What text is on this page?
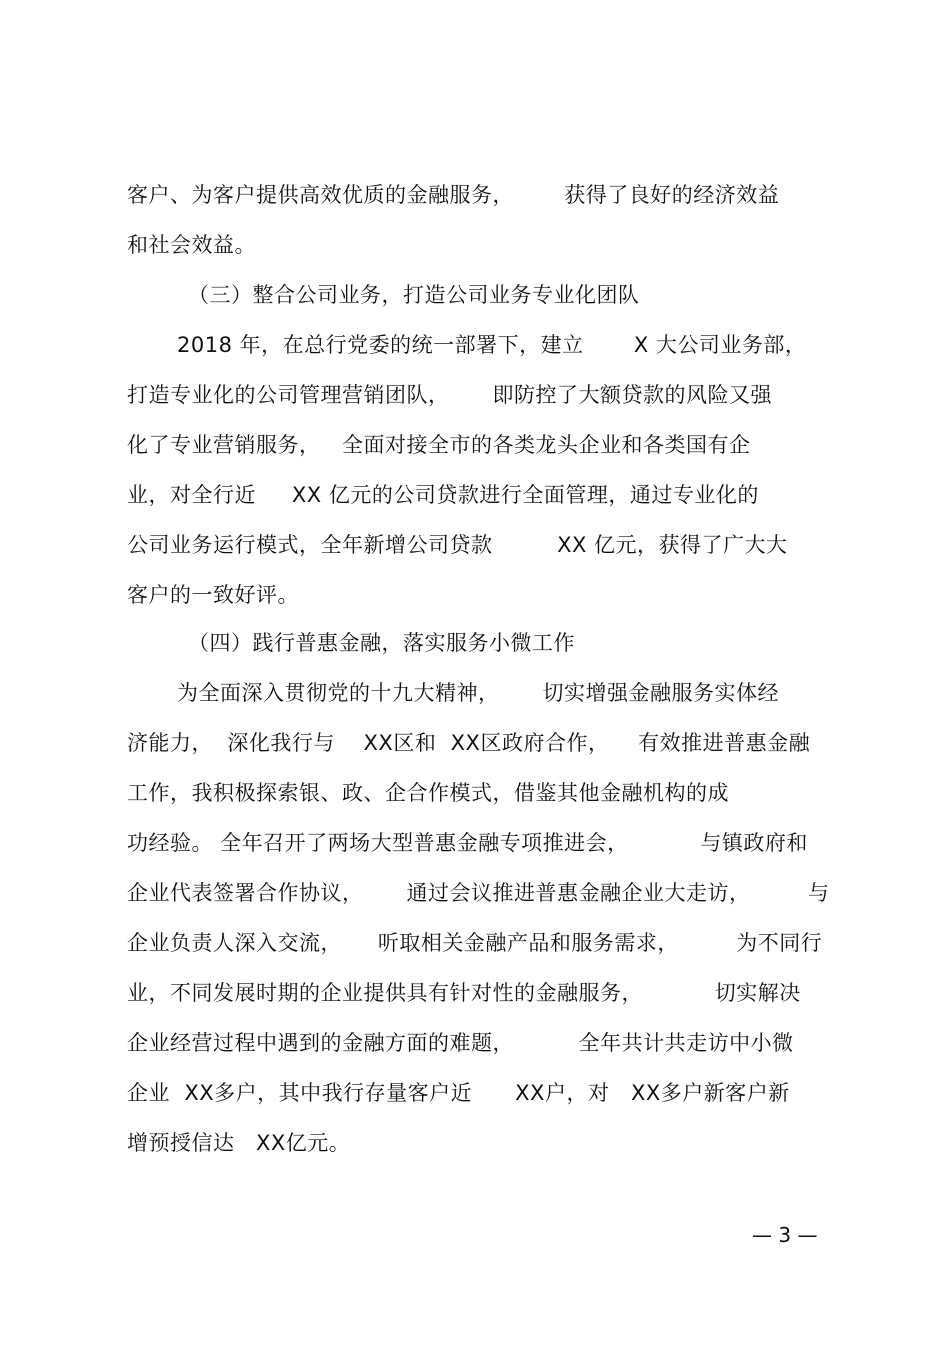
客户、为客户提供高效优质的金融服务，       获得了良好的经济效益
和社会效益。
（三）整合公司业务，打造公司业务专业化团队
2018 年，在总行党委的统一部署下，建立       X 大公司业务部，
打造专业化的公司管理营销团队，      即防控了大额贷款的风险又强
化了专业营销服务，   全面对接全市的各类龙头企业和各类国有企
业，对全行近     XX 亿元的公司贷款进行全面管理，通过专业化的
公司业务运行模式，全年新增公司贷款         XX 亿元，获得了广大大
客户的一致好评。
（四）践行普惠金融，落实服务小微工作
为全面深入贯彻党的十九大精神，      切实增强金融服务实体经
济能力，  深化我行与    XX区和  XX区政府合作，    有效推进普惠金融
工作，我积极探索银、政、企合作模式，借鉴其他金融机构的成
功经验。 全年召开了两场大型普惠金融专项推进会，          与镇政府和
企业代表签署合作协议，      通过会议推进普惠金融企业大走访，        与
企业负责人深入交流，     听取相关金融产品和服务需求，        为不同行
业，不同发展时期的企业提供具有针对性的金融服务，          切实解决
企业经营过程中遇到的金融方面的难题，         全年共计共走访中小微
企业  XX多户，其中我行存量客户近      XX户，对   XX多户新客户新
增预授信达   XX亿元。
— 3 —
